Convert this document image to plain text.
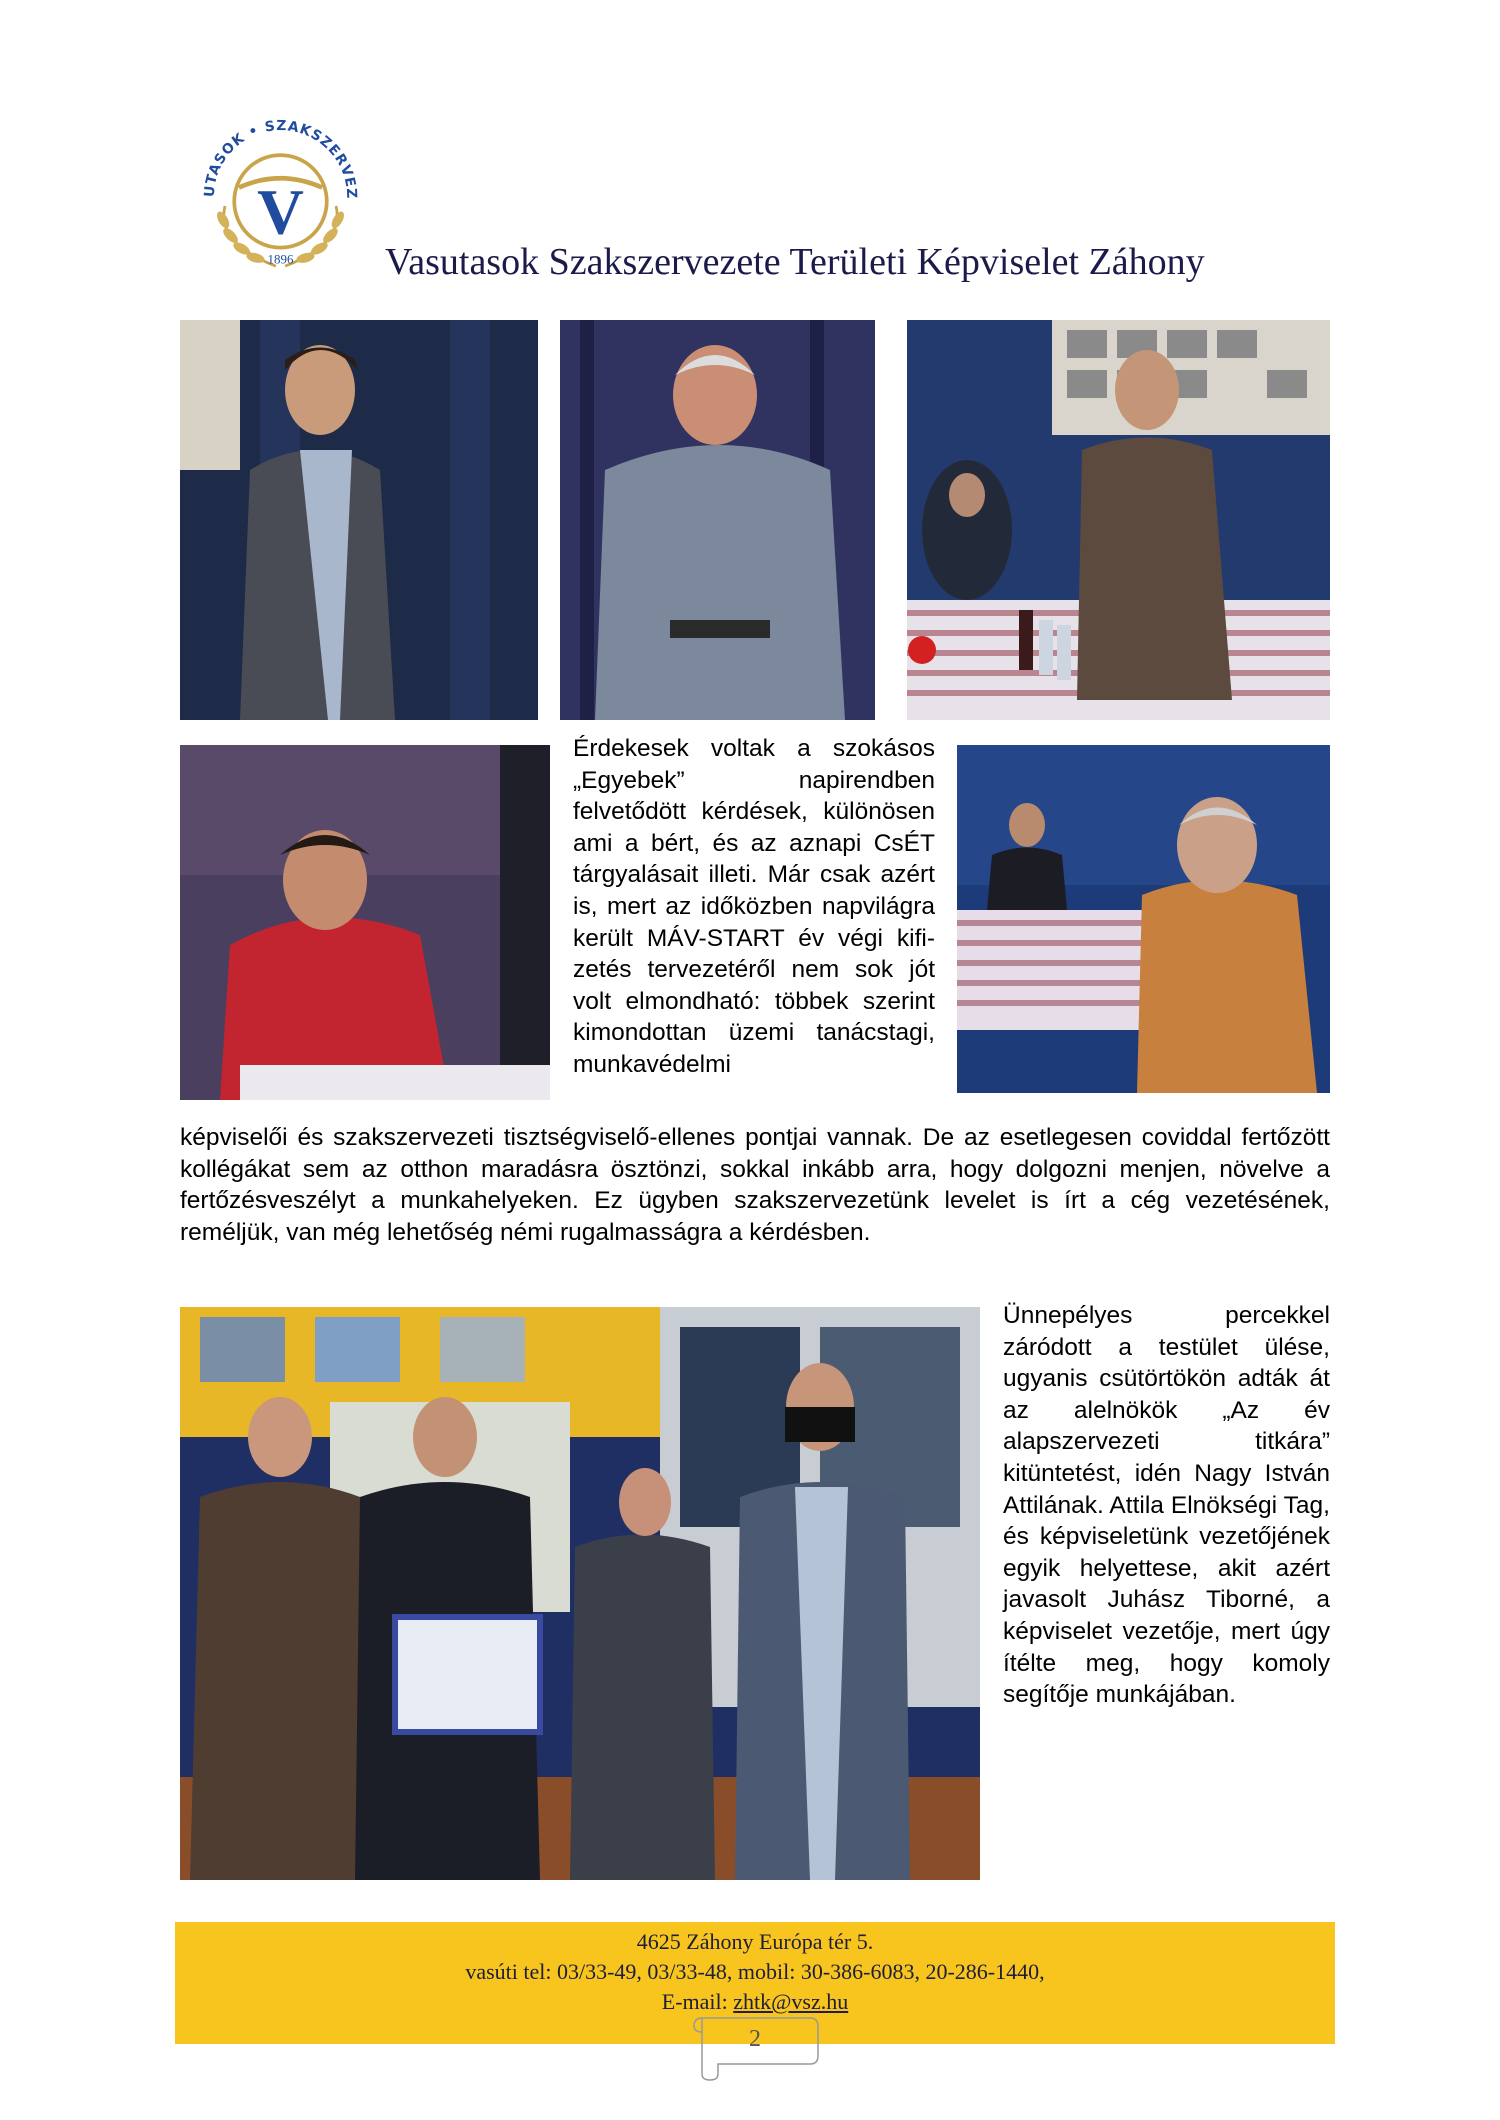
UTASOK • SZAKSZERVEZ
V
1896 Vasutasok Szakszervezete Területi Képviselet Záhony
Érdekesek voltak a szokásos „Egyebek” napirendben felvetődött kérdések, különösen ami a bért, és az aznapi CsÉT tárgyalásait illeti. Már csak azért is, mert az időközben napvilágra került MÁV-START év végi kifizetés tervezetéről nem sok jót volt elmondható: többek szerint kimondottan üzemi tanácstagi, munkavédelmi
képviselői és szakszervezeti tisztségviselő-ellenes pontjai vannak. De az esetlegesen coviddal fertőzött kollégákat sem az otthon maradásra ösztönzi, sokkal inkább arra, hogy dolgozni menjen, növelve a fertőzésveszélyt a munkahelyeken. Ez ügyben szakszervezetünk levelet is írt a cég vezetésének, reméljük, van még lehetőség némi rugalmasságra a kérdésben.
Ünnepélyes percekkel záródott a testület ülése, ugyanis csütörtökön adták át az alelnökök „Az év alapszervezeti titkára” kitüntetést, idén Nagy István Attilának. Attila Elnökségi Tag, és képviseletünk vezetőjének egyik helyettese, akit azért javasolt Juhász Tiborné, a képviselet vezetője, mert úgy ítélte meg, hogy komoly segítője munkájában.
4625 Záhony Európa tér 5.
vasúti tel: 03/33-49, 03/33-48, mobil: 30-386-6083, 20-286-1440,
E-mail: zhtk@vsz.hu
2
